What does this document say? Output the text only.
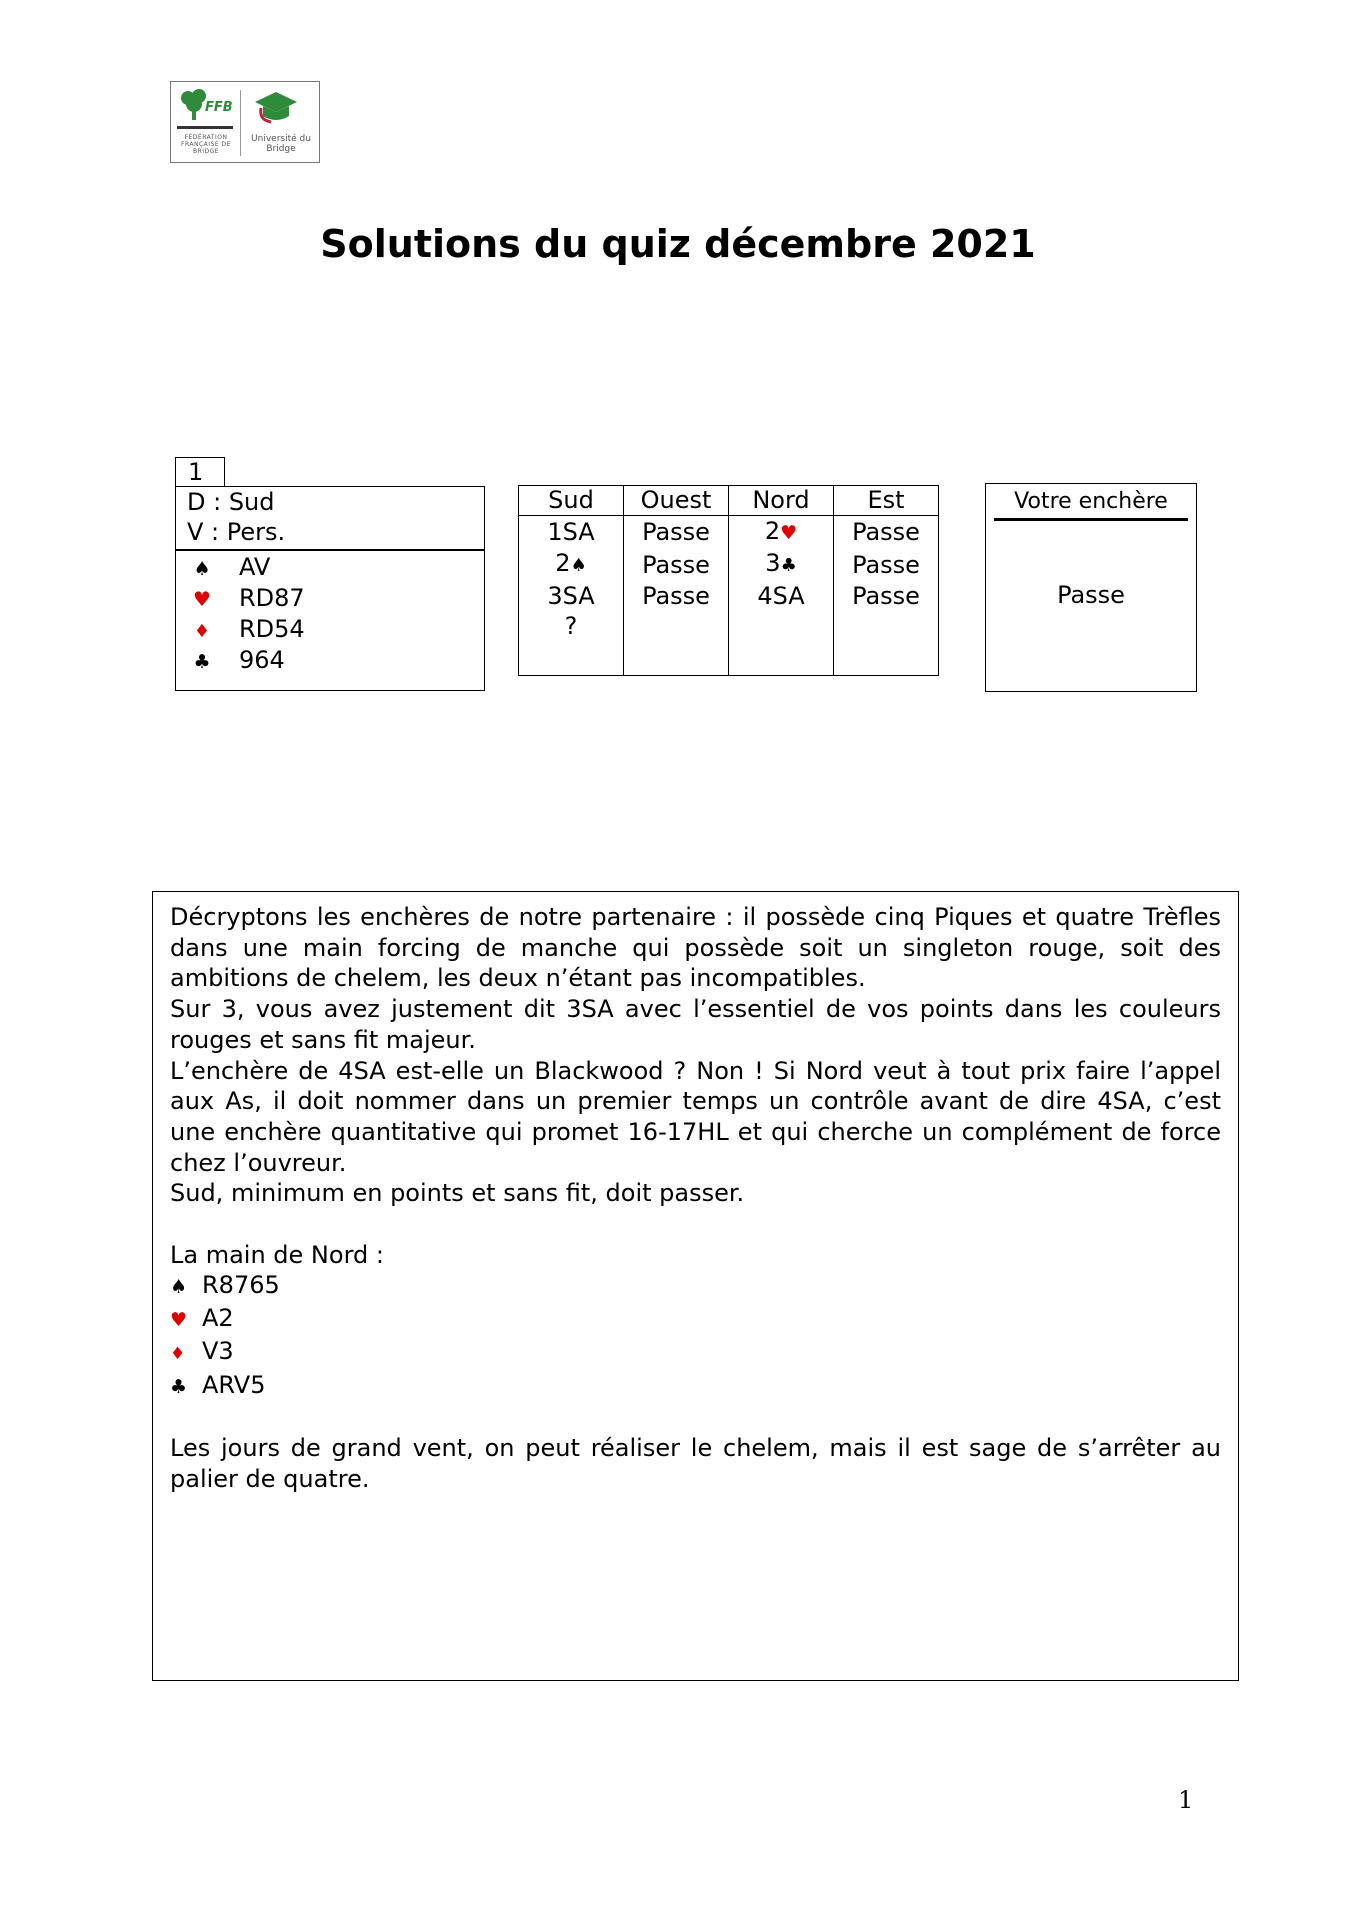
FFB
FÉDÉRATION FRANÇAISE DE BRIDGE
Université du Bridge
Solutions du quiz décembre 2021
1
D : Sud
V : Pers.
♠ AV
♥ RD87
♦ RD54
♣ 964
Sud	Ouest	Nord	Est
1SA	Passe	2♥	Passe
2♠	Passe	3♣	Passe
3SA	Passe	4SA	Passe
?			
Votre enchère
Passe

Décryptons les enchères de notre partenaire : il possède cinq Piques et quatre Trèfles dans une main forcing de manche qui possède soit un singleton rouge, soit des ambitions de chelem, les deux n’étant pas incompatibles.

Sur 3, vous avez justement dit 3SA avec l’essentiel de vos points dans les couleurs rouges et sans fit majeur.

L’enchère de 4SA est-elle un Blackwood ? Non ! Si Nord veut à tout prix faire l’appel aux As, il doit nommer dans un premier temps un contrôle avant de dire 4SA, c’est une enchère quantitative qui promet 16-17HL et qui cherche un complément de force chez l’ouvreur.

Sud, minimum en points et sans fit, doit passer.

La main de Nord :

♠ R8765
♥ A2
♦ V3
♣ ARV5

Les jours de grand vent, on peut réaliser le chelem, mais il est sage de s’arrêter au palier de quatre.

1
